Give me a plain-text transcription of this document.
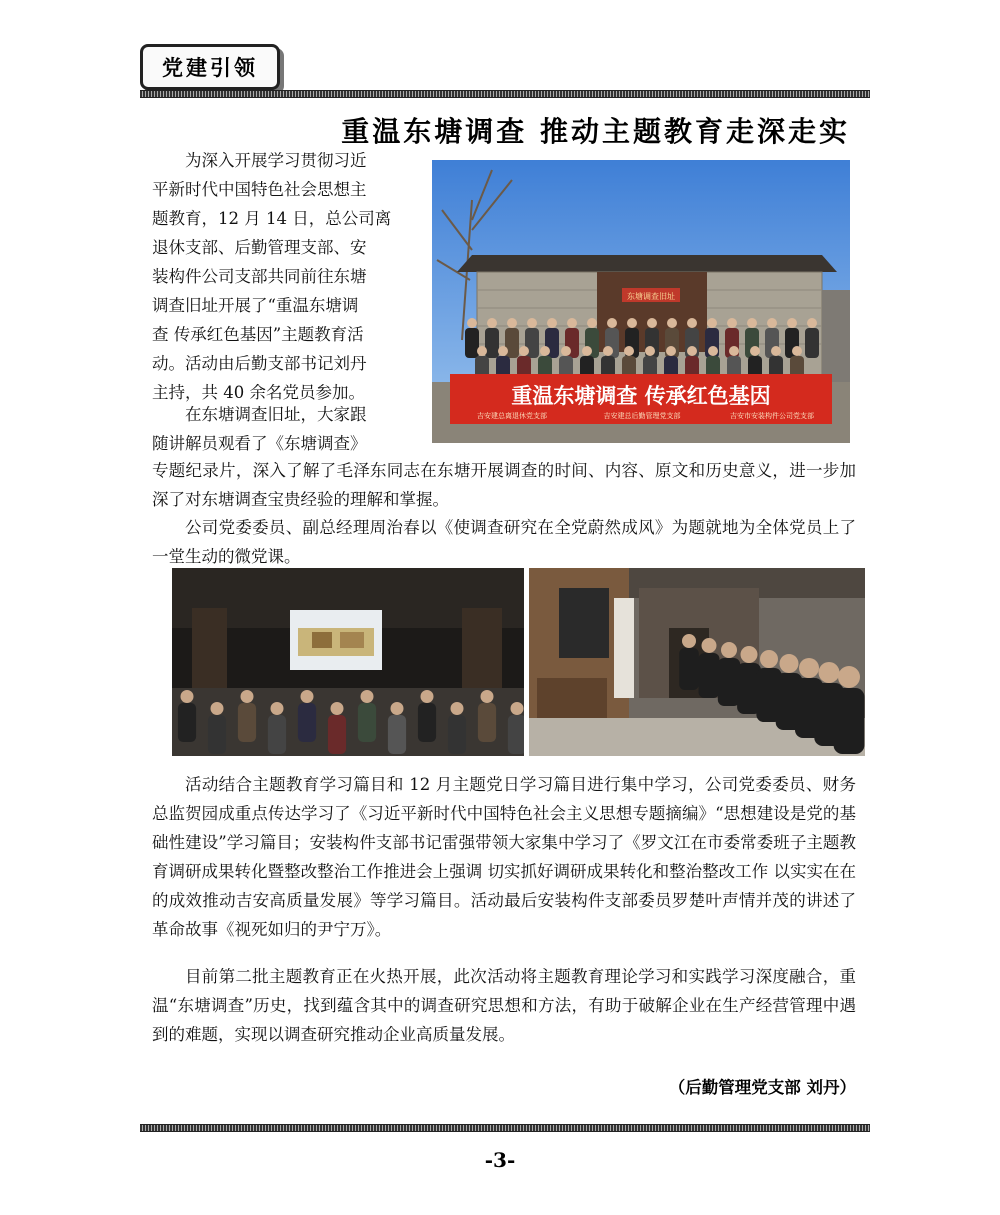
党建引领
重温东塘调查 推动主题教育走深走实
为深入开展学习贯彻习近
平新时代中国特色社会思想主
题教育，12 月 14 日，总公司离
退休支部、后勤管理支部、安
装构件公司支部共同前往东塘
调查旧址开展了“重温东塘调
查 传承红色基因”主题教育活
动。活动由后勤支部书记刘丹
主持，共 40 余名党员参加。
在东塘调查旧址，大家跟
随讲解员观看了《东塘调查》

专题纪录片，深入了解了毛泽东同志在东塘开展调查的时间、内容、原文和历史意义，进一步加深了对东塘调查宝贵经验的理解和掌握。

公司党委委员、副总经理周治春以《使调查研究在全党蔚然成风》为题就地为全体党员上了一堂生动的微党课。

东塘调查旧址
重温东塘调查 传承红色基因
吉安建总离退休党支部	吉安建总后勤管理党支部	吉安市安装构件公司党支部

活动结合主题教育学习篇目和 12 月主题党日学习篇目进行集中学习，公司党委委员、财务总监贺园成重点传达学习了《习近平新时代中国特色社会主义思想专题摘编》“思想建设是党的基础性建设”学习篇目；安装构件支部书记雷强带领大家集中学习了《罗文江在市委常委班子主题教育调研成果转化暨整改整治工作推进会上强调 切实抓好调研成果转化和整治整改工作 以实实在在的成效推动吉安高质量发展》等学习篇目。活动最后安装构件支部委员罗楚叶声情并茂的讲述了革命故事《视死如归的尹宁万》。

目前第二批主题教育正在火热开展，此次活动将主题教育理论学习和实践学习深度融合，重温“东塘调查”历史，找到蕴含其中的调查研究思想和方法，有助于破解企业在生产经营管理中遇到的难题，实现以调查研究推动企业高质量发展。

（后勤管理党支部 刘丹）
-3-
